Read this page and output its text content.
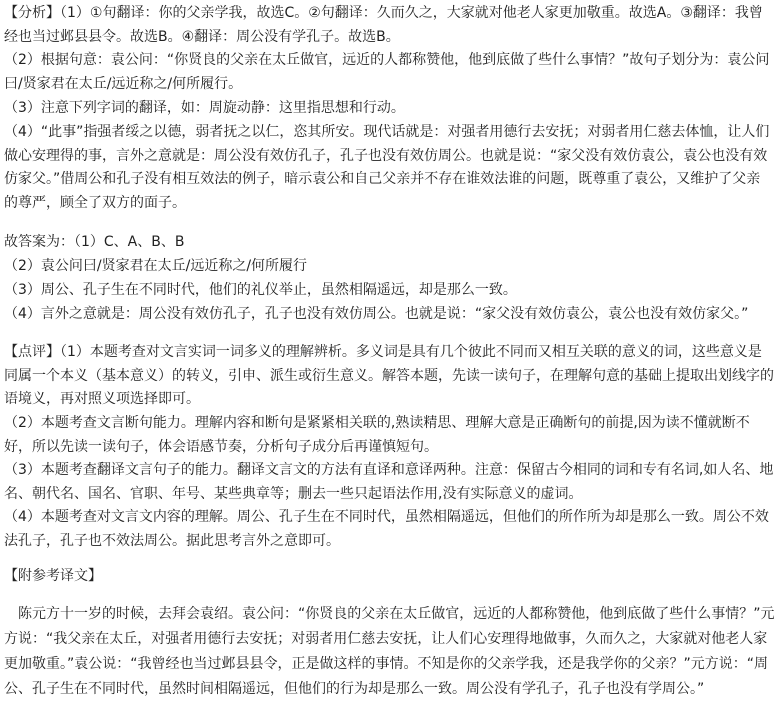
【分析】（1）①句翻译：你的父亲学我，故选C。②句翻译：久而久之，大家就对他老人家更加敬重。故选A。③翻译：我曾经也当过邺县县令。故选B。④翻译：周公没有学孔子。故选B。
（2）根据句意：袁公问：“你贤良的父亲在太丘做官，远近的人都称赞他，他到底做了些什么事情？”故句子划分为：袁公问曰/贤家君在太丘/远近称之/何所履行。
（3）注意下列字词的翻译，如：周旋动静：这里指思想和行动。
（4）“此事”指强者绥之以德，弱者抚之以仁，恣其所安。现代话就是：对强者用德行去安抚；对弱者用仁慈去体恤，让人们做心安理得的事，言外之意就是：周公没有效仿孔子，孔子也没有效仿周公。也就是说：“家父没有效仿袁公，袁公也没有效仿家父。”借周公和孔子没有相互效法的例子，暗示袁公和自己父亲并不存在谁效法谁的问题，既尊重了袁公，又维护了父亲的尊严，顾全了双方的面子。
故答案为：（1）C、A、B、B
（2）袁公问曰/贤家君在太丘/远近称之/何所履行
（3）周公、孔子生在不同时代，他们的礼仪举止，虽然相隔遥远，却是那么一致。
（4）言外之意就是：周公没有效仿孔子，孔子也没有效仿周公。也就是说：“家父没有效仿袁公，袁公也没有效仿家父。”
【点评】（1）本题考查对文言实词一词多义的理解辨析。多义词是具有几个彼此不同而又相互关联的意义的词，这些意义是同属一个本义（基本意义）的转义，引申、派生或衍生意义。解答本题，先读一读句子，在理解句意的基础上提取出划线字的语境义，再对照义项选择即可。
（2）本题考查文言断句能力。理解内容和断句是紧紧相关联的,熟读精思、理解大意是正确断句的前提,因为读不懂就断不好，所以先读一读句子，体会语感节奏，分析句子成分后再谨慎短句。
（3）本题考查翻译文言句子的能力。翻译文言文的方法有直译和意译两种。注意：保留古今相同的词和专有名词,如人名、地名、朝代名、国名、官职、年号、某些典章等；删去一些只起语法作用,没有实际意义的虚词。
（4）本题考查对文言文内容的理解。周公、孔子生在不同时代，虽然相隔遥远，但他们的所作所为却是那么一致。周公不效法孔子，孔子也不效法周公。据此思考言外之意即可。
【附参考译文】
　陈元方十一岁的时候，去拜会袁绍。袁公问：“你贤良的父亲在太丘做官，远近的人都称赞他，他到底做了些什么事情？”元方说：“我父亲在太丘，对强者用德行去安抚；对弱者用仁慈去安抚，让人们心安理得地做事，久而久之，大家就对他老人家更加敬重。”袁公说：“我曾经也当过邺县县令，正是做这样的事情。不知是你的父亲学我，还是我学你的父亲？”元方说：“周公、孔子生在不同时代，虽然时间相隔遥远，但他们的行为却是那么一致。周公没有学孔子，孔子也没有学周公。”
